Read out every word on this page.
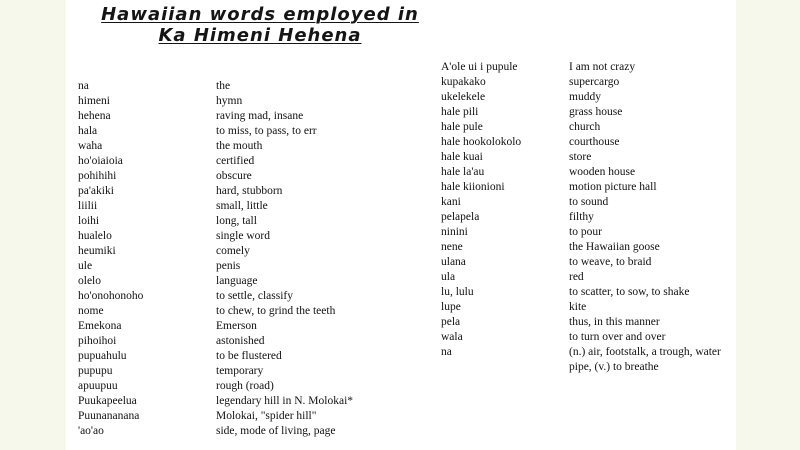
Hawaiian words employed in
Ka Himeni Hehena
na	the
himeni	hymn
hehena	raving mad, insane
hala	to miss, to pass, to err
waha	the mouth
ho'oiaioia	certified
pohihihi	obscure
pa'akiki	hard, stubborn
liilii	small, little
loihi	long, tall
hualelo	single word
heumiki	comely
ule	penis
olelo	language
ho'onohonoho	to settle, classify
nome	to chew, to grind the teeth
Emekona	Emerson
pihoihoi	astonished
pupuahulu	to be flustered
pupupu	temporary
apuupuu	rough (road)
Puukapeelua	legendary hill in N. Molokai*
Puunananana	Molokai, "spider hill"
'ao'ao	side, mode of living, page
A'ole ui i pupule	I am not crazy
kupakako	supercargo
ukelekele	muddy
hale pili	grass house
hale pule	church
hale hookolokolo	courthouse
hale kuai	store
hale la'au	wooden house
hale kiionioni	motion picture hall
kani	to sound
pelapela	filthy
ninini	to pour
nene	the Hawaiian goose
ulana	to weave, to braid
ula	red
lu, lulu	to scatter, to sow, to shake
lupe	kite
pela	thus, in this manner
wala	to turn over and over
na	(n.) air, footstalk, a trough, water
pipe, (v.) to breathe
